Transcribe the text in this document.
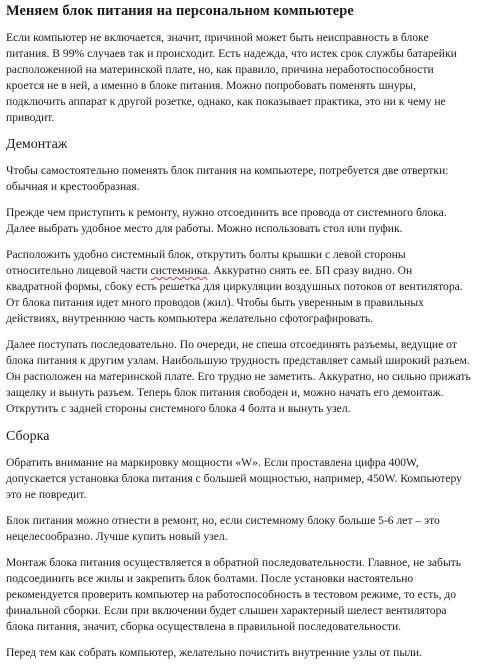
Меняем блок питания на персональном компьютере

Если компьютер не включается, значит, причиной может быть неисправность в блоке питания. В 99% случаев так и происходит. Есть надежда, что истек срок службы батарейки расположенной на материнской плате, но, как правило, причина неработоспособности кроется не в ней, а именно в блоке питания. Можно попробовать поменять шнуры, подключить аппарат к другой розетке, однако, как показывает практика, это ни к чему не приводит.

Демонтаж

Чтобы самостоятельно поменять блок питания на компьютере, потребуется две отвертки: обычная и крестообразная.

Прежде чем приступить к ремонту, нужно отсоединить все провода от системного блока. Далее выбрать удобное место для работы. Можно использовать стол или пуфик.

Расположить удобно системный блок, открутить болты крышки с левой стороны относительно лицевой части системника. Аккуратно снять ее. БП сразу видно. Он квадратной формы, сбоку есть решетка для циркуляции воздушных потоков от вентилятора. От блока питания идет много проводов (жил). Чтобы быть уверенным в правильных действиях, внутреннюю часть компьютера желательно сфотографировать.

Далее поступать последовательно. По очереди, не спеша отсоединять разъемы, ведущие от блока питания к другим узлам. Наибольшую трудность представляет самый широкий разъем. Он расположен на материнской плате. Его трудно не заметить. Аккуратно, но сильно прижать защелку и вынуть разъем. Теперь блок питания свободен и, можно начать его демонтаж. Открутить с задней стороны системного блока 4 болта и вынуть узел.

Сборка

Обратить внимание на маркировку мощности «W». Если проставлена цифра 400W, допускается установка блока питания с большей мощностью, например, 450W. Компьютеру это не повредит.

Блок питания можно отнести в ремонт, но, если системному блоку больше 5-6 лет – это нецелесообразно. Лучше купить новый узел.

Монтаж блока питания осуществляется в обратной последовательности. Главное, не забыть подсоединить все жилы и закрепить блок болтами. После установки настоятельно рекомендуется проверить компьютер на работоспособность в тестовом режиме, то есть, до финальной сборки. Если при включении будет слышен характерный шелест вентилятора блока питания, значит, сборка осуществлена в правильной последовательности.

Перед тем как собрать компьютер, желательно почистить внутренние узлы от пыли.
